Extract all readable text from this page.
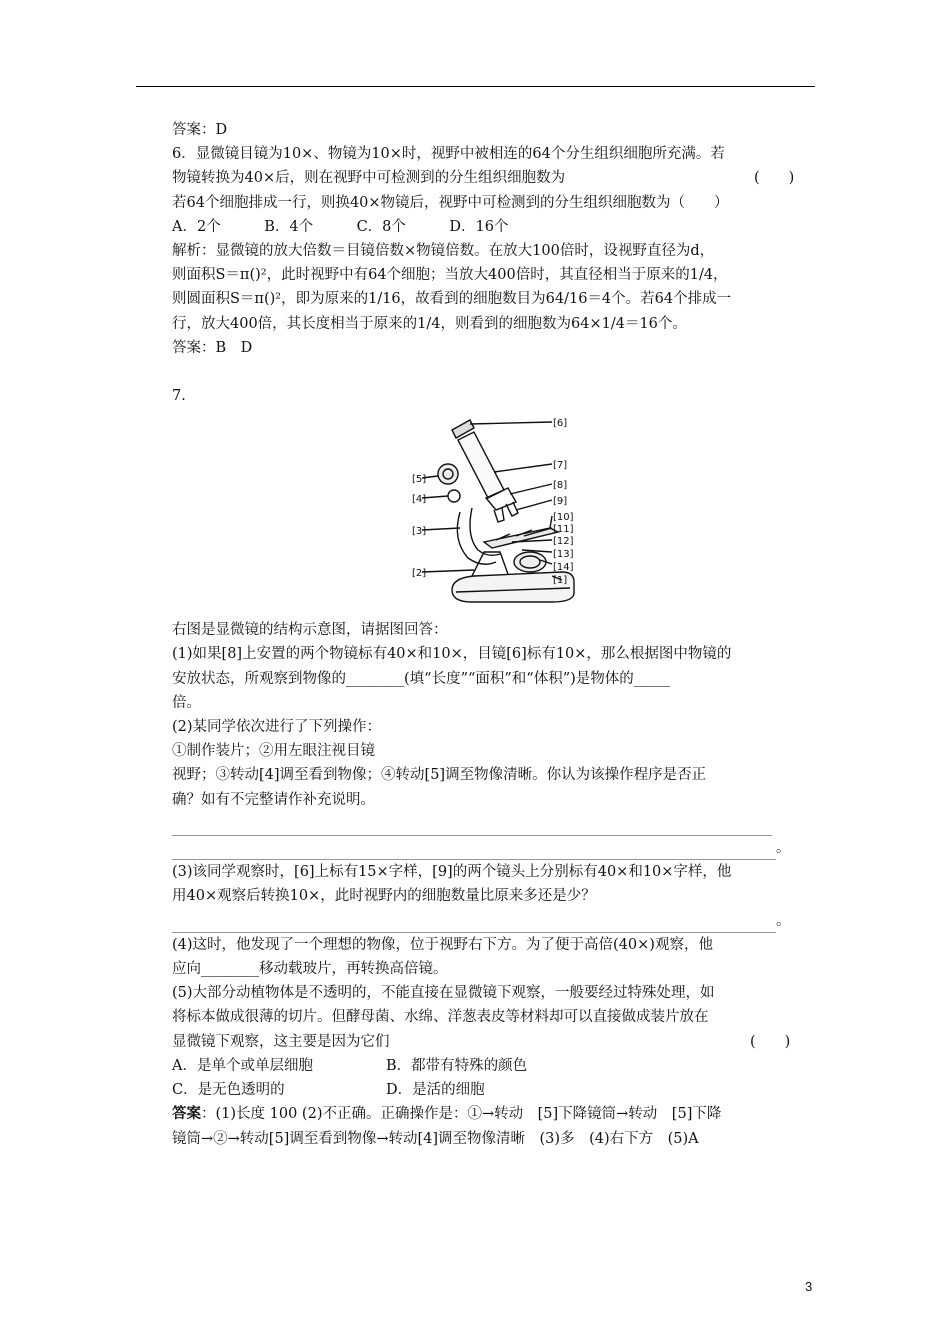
答案：D

6．显微镜目镜为10×、物镜为10×时，视野中被相连的64个分生组织细胞所充满。若

物镜转换为40×后，则在视野中可检测到的分生组织细胞数为	(　　)

若64个细胞排成一行，则换40×物镜后，视野中可检测到的分生组织细胞数为（　　）

A．2个　　　B．4个　　　C．8个　　　D．16个

解析：显微镜的放大倍数＝目镜倍数×物镜倍数。在放大100倍时，设视野直径为d，

则面积S＝π()²，此时视野中有64个细胞；当放大400倍时，其直径相当于原来的1/4，

则圆面积S＝π()²，即为原来的1/16，故看到的细胞数目为64/16＝4个。若64个排成一

行，放大400倍，其长度相当于原来的1/4，则看到的细胞数为64×1/4＝16个。

答案：B　D

7.

[6]
[7]
[8]
[9]
[10]
[11]
[12]
[13]
[14]
[1]
[5]
[4]
[3]
[2]

右图是显微镜的结构示意图，请据图回答：

(1)如果[8]上安置的两个物镜标有40×和10×，目镜[6]标有10×，那么根据图中物镜的

安放状态，所观察到物像的________(填“长度”“面积”和“体积”)是物体的_____

倍。

(2)某同学依次进行了下列操作：

①制作装片；②用左眼注视目镜

视野；③转动[4]调至看到物像；④转动[5]调至物像清晰。你认为该操作程序是否正

确？如有不完整请作补充说明。

。

(3)该同学观察时，[6]上标有15×字样，[9]的两个镜头上分别标有40×和10×字样，他

用40×观察后转换10×，此时视野内的细胞数量比原来多还是少？

。

(4)这时，他发现了一个理想的物像，位于视野右下方。为了便于高倍(40×)观察，他

应向________移动载玻片，再转换高倍镜。

(5)大部分动植物体是不透明的，不能直接在显微镜下观察，一般要经过特殊处理，如

将标本做成很薄的切片。但酵母菌、水绵、洋葱表皮等材料却可以直接做成装片放在

显微镜下观察，这主要是因为它们	(　　)

A．是单个或单层细胞	B．都带有特殊的颜色

C．是无色透明的	D．是活的细胞

答案：(1)长度 100 (2)不正确。正确操作是：①→转动　[5]下降镜筒→转动　[5]下降

镜筒→②→转动[5]调至看到物像→转动[4]调至物像清晰　(3)多　(4)右下方　(5)A

3
